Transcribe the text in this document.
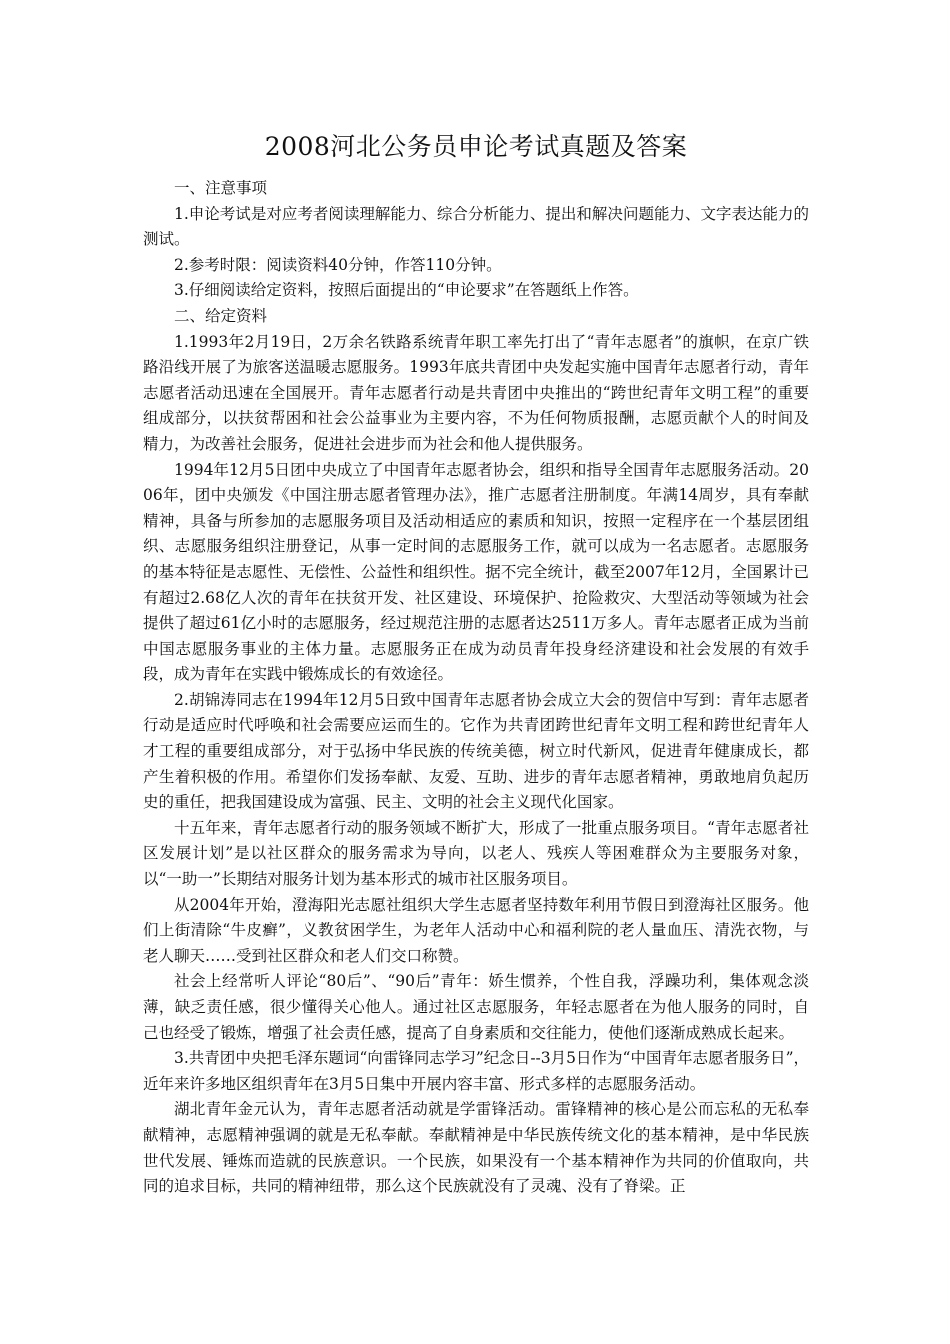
2008河北公务员申论考试真题及答案

一、注意事项

1.申论考试是对应考者阅读理解能力、综合分析能力、提出和解决问题能力、文字表达能力的测试。

2.参考时限：阅读资料40分钟，作答110分钟。

3.仔细阅读给定资料，按照后面提出的“申论要求”在答题纸上作答。

二、给定资料

1.1993年2月19日，2万余名铁路系统青年职工率先打出了“青年志愿者”的旗帜，在京广铁路沿线开展了为旅客送温暖志愿服务。1993年底共青团中央发起实施中国青年志愿者行动，青年志愿者活动迅速在全国展开。青年志愿者行动是共青团中央推出的“跨世纪青年文明工程”的重要组成部分，以扶贫帮困和社会公益事业为主要内容，不为任何物质报酬，志愿贡献个人的时间及精力，为改善社会服务，促进社会进步而为社会和他人提供服务。

1994年12月5日团中央成立了中国青年志愿者协会，组织和指导全国青年志愿服务活动。2006年，团中央颁发《中国注册志愿者管理办法》，推广志愿者注册制度。年满14周岁，具有奉献精神，具备与所参加的志愿服务项目及活动相适应的素质和知识，按照一定程序在一个基层团组织、志愿服务组织注册登记，从事一定时间的志愿服务工作，就可以成为一名志愿者。志愿服务的基本特征是志愿性、无偿性、公益性和组织性。据不完全统计，截至2007年12月，全国累计已有超过2.68亿人次的青年在扶贫开发、社区建设、环境保护、抢险救灾、大型活动等领域为社会提供了超过61亿小时的志愿服务，经过规范注册的志愿者达2511万多人。青年志愿者正成为当前中国志愿服务事业的主体力量。志愿服务正在成为动员青年投身经济建设和社会发展的有效手段，成为青年在实践中锻炼成长的有效途径。

2.胡锦涛同志在1994年12月5日致中国青年志愿者协会成立大会的贺信中写到：青年志愿者行动是适应时代呼唤和社会需要应运而生的。它作为共青团跨世纪青年文明工程和跨世纪青年人才工程的重要组成部分，对于弘扬中华民族的传统美德，树立时代新风，促进青年健康成长，都产生着积极的作用。希望你们发扬奉献、友爱、互助、进步的青年志愿者精神，勇敢地肩负起历史的重任，把我国建设成为富强、民主、文明的社会主义现代化国家。

十五年来，青年志愿者行动的服务领域不断扩大，形成了一批重点服务项目。“青年志愿者社区发展计划”是以社区群众的服务需求为导向，以老人、残疾人等困难群众为主要服务对象，以“一助一”长期结对服务计划为基本形式的城市社区服务项目。

从2004年开始，澄海阳光志愿社组织大学生志愿者坚持数年利用节假日到澄海社区服务。他们上街清除“牛皮癣”，义教贫困学生，为老年人活动中心和福利院的老人量血压、清洗衣物，与老人聊天……受到社区群众和老人们交口称赞。

社会上经常听人评论“80后”、“90后”青年：娇生惯养，个性自我，浮躁功利，集体观念淡薄，缺乏责任感，很少懂得关心他人。通过社区志愿服务，年轻志愿者在为他人服务的同时，自己也经受了锻炼，增强了社会责任感，提高了自身素质和交往能力，使他们逐渐成熟成长起来。

3.共青团中央把毛泽东题词“向雷锋同志学习”纪念日--3月5日作为“中国青年志愿者服务日”，近年来许多地区组织青年在3月5日集中开展内容丰富、形式多样的志愿服务活动。

湖北青年金元认为，青年志愿者活动就是学雷锋活动。雷锋精神的核心是公而忘私的无私奉献精神，志愿精神强调的就是无私奉献。奉献精神是中华民族传统文化的基本精神，是中华民族世代发展、锤炼而造就的民族意识。一个民族，如果没有一个基本精神作为共同的价值取向，共同的追求目标，共同的精神纽带，那么这个民族就没有了灵魂、没有了脊梁。正
